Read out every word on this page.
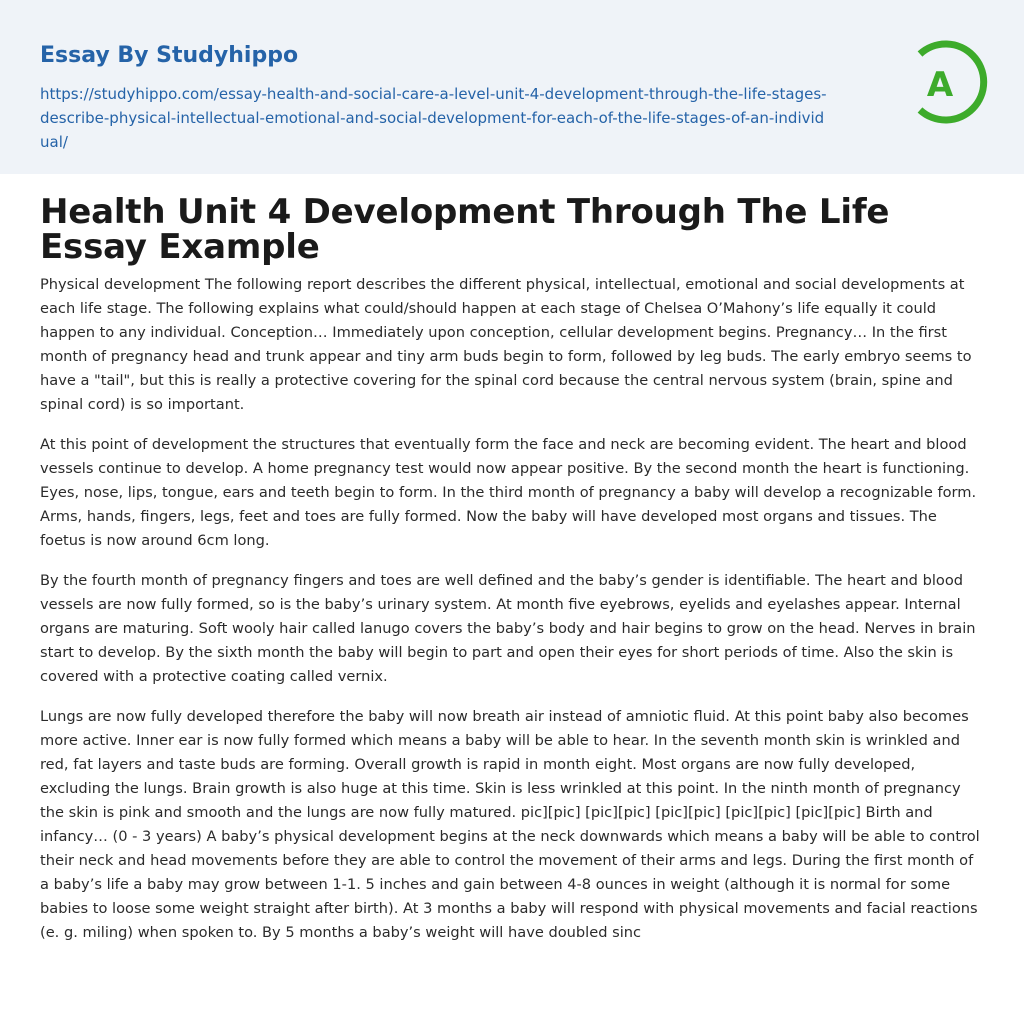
Essay By Studyhippo
https://studyhippo.com/essay-health-and-social-care-a-level-unit-4-development-through-the-life-stages-describe-physical-intellectual-emotional-and-social-development-for-each-of-the-life-stages-of-an-individual/
A
Health Unit 4 Development Through The Life Essay Example

Physical development The following report describes the different physical, intellectual, emotional and social developments at each life stage. The following explains what could/should happen at each stage of Chelsea O’Mahony’s life equally it could happen to any individual. Conception… Immediately upon conception, cellular development begins. Pregnancy… In the first month of pregnancy head and trunk appear and tiny arm buds begin to form, followed by leg buds. The early embryo seems to have a "tail", but this is really a protective covering for the spinal cord because the central nervous system (brain, spine and spinal cord) is so important.

At this point of development the structures that eventually form the face and neck are becoming evident. The heart and blood vessels continue to develop. A home pregnancy test would now appear positive. By the second month the heart is functioning. Eyes, nose, lips, tongue, ears and teeth begin to form. In the third month of pregnancy a baby will develop a recognizable form. Arms, hands, fingers, legs, feet and toes are fully formed. Now the baby will have developed most organs and tissues. The foetus is now around 6cm long.

By the fourth month of pregnancy fingers and toes are well defined and the baby’s gender is identifiable. The heart and blood vessels are now fully formed, so is the baby’s urinary system. At month five eyebrows, eyelids and eyelashes appear. Internal organs are maturing. Soft wooly hair called lanugo covers the baby’s body and hair begins to grow on the head. Nerves in brain start to develop. By the sixth month the baby will begin to part and open their eyes for short periods of time. Also the skin is covered with a protective coating called vernix.

Lungs are now fully developed therefore the baby will now breath air instead of amniotic fluid. At this point baby also becomes more active. Inner ear is now fully formed which means a baby will be able to hear. In the seventh month skin is wrinkled and red, fat layers and taste buds are forming. Overall growth is rapid in month eight. Most organs are now fully developed, excluding the lungs. Brain growth is also huge at this time. Skin is less wrinkled at this point. In the ninth month of pregnancy the skin is pink and smooth and the lungs are now fully matured. pic][pic] [pic][pic] [pic][pic] [pic][pic] [pic][pic] Birth and infancy… (0 - 3 years) A baby’s physical development begins at the neck downwards which means a baby will be able to control their neck and head movements before they are able to control the movement of their arms and legs. During the first month of a baby’s life a baby may grow between 1-1. 5 inches and gain between 4-8 ounces in weight (although it is normal for some babies to loose some weight straight after birth). At 3 months a baby will respond with physical movements and facial reactions (e. g. miling) when spoken to. By 5 months a baby’s weight will have doubled sinc
